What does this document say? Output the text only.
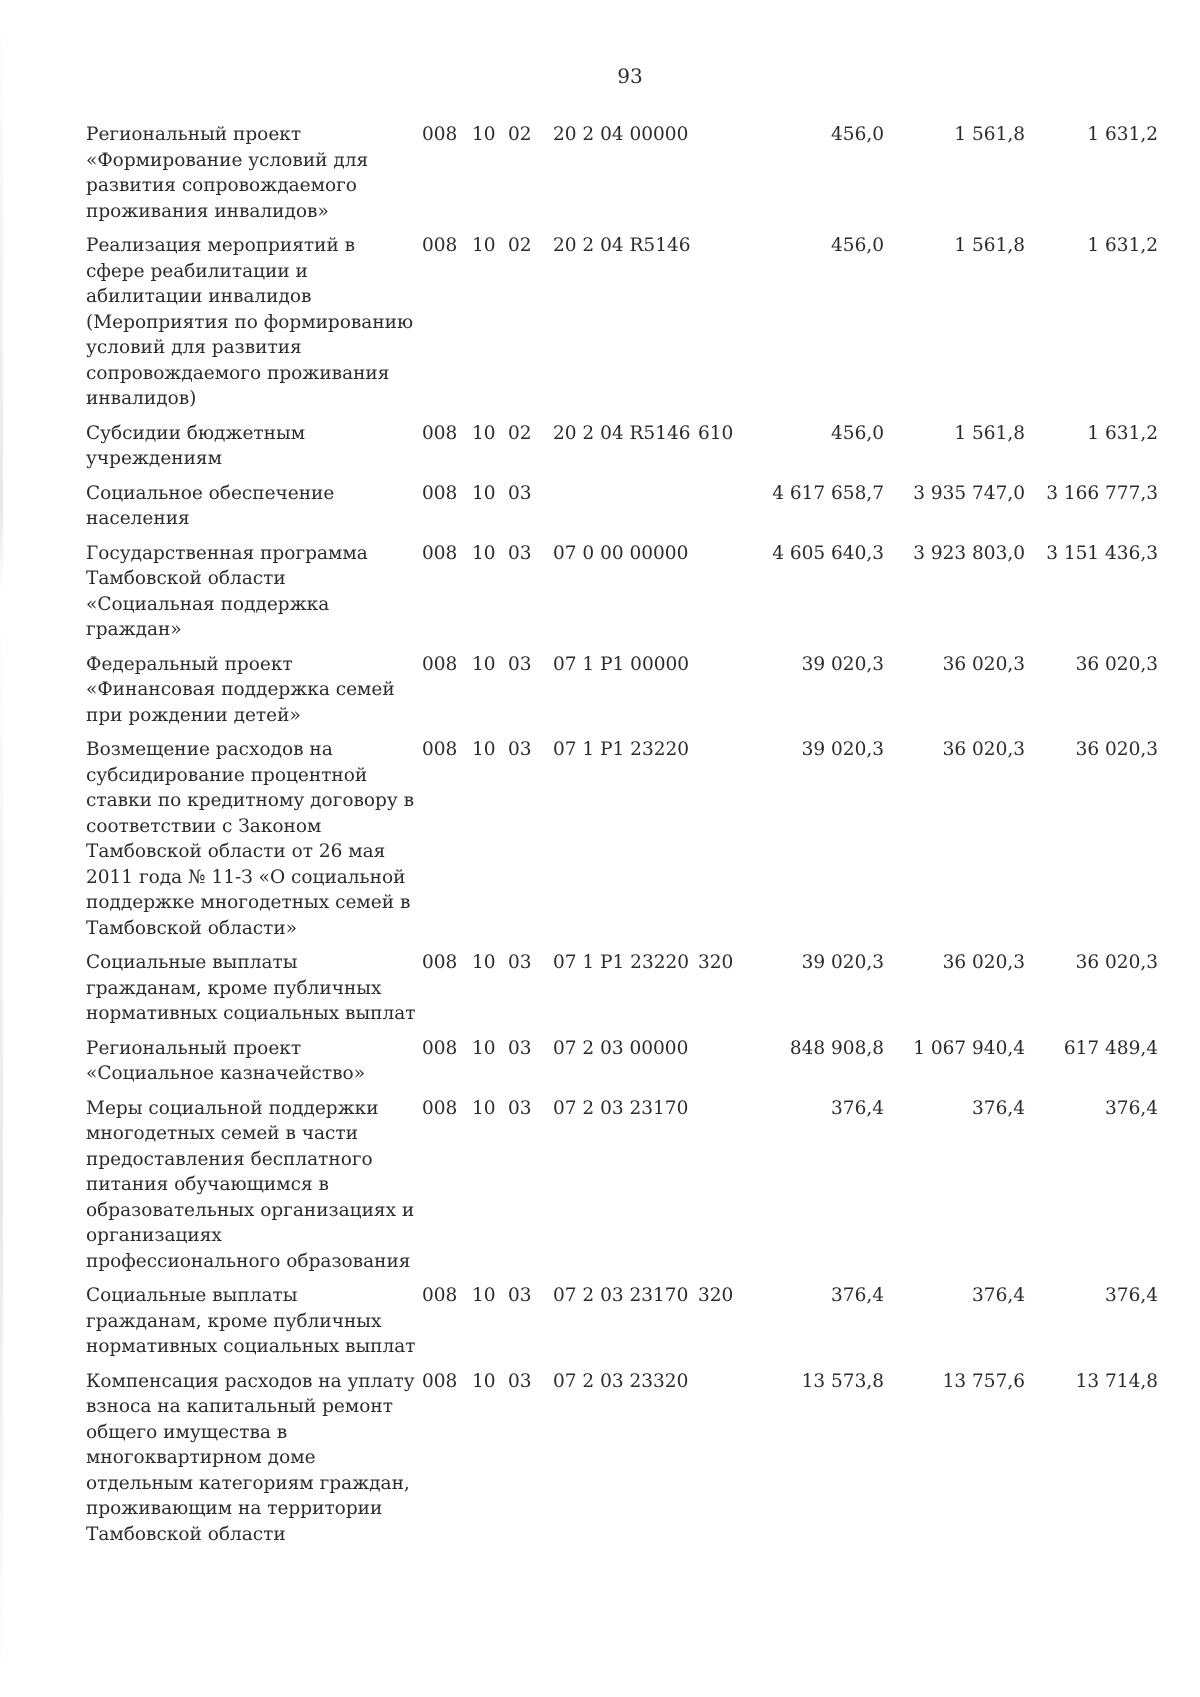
93
Региональный проект «Формирование условий для развития сопровождаемого проживания инвалидов»	008	10	02	20 2 04 00000		456,0	1 561,8	1 631,2
Реализация мероприятий в сфере реабилитации и абилитации инвалидов (Мероприятия по формированию условий для развития сопровождаемого проживания инвалидов)	008	10	02	20 2 04 R5146		456,0	1 561,8	1 631,2
Субсидии бюджетным учреждениям	008	10	02	20 2 04 R5146	610	456,0	1 561,8	1 631,2
Социальное обеспечение населения	008	10	03			4 617 658,7	3 935 747,0	3 166 777,3
Государственная программа Тамбовской области «Социальная поддержка граждан»	008	10	03	07 0 00 00000		4 605 640,3	3 923 803,0	3 151 436,3
Федеральный проект «Финансовая поддержка семей при рождении детей»	008	10	03	07 1 P1 00000		39 020,3	36 020,3	36 020,3
Возмещение расходов на субсидирование процентной ставки по кредитному договору в соответствии с Законом Тамбовской области от 26 мая 2011 года № 11-З «О социальной поддержке многодетных семей в Тамбовской области»	008	10	03	07 1 P1 23220		39 020,3	36 020,3	36 020,3
Социальные выплаты гражданам, кроме публичных нормативных социальных выплат	008	10	03	07 1 P1 23220	320	39 020,3	36 020,3	36 020,3
Региональный проект «Социальное казначейство»	008	10	03	07 2 03 00000		848 908,8	1 067 940,4	617 489,4
Меры социальной поддержки многодетных семей в части предоставления бесплатного питания обучающимся в образовательных организациях и организациях профессионального образования	008	10	03	07 2 03 23170		376,4	376,4	376,4
Социальные выплаты гражданам, кроме публичных нормативных социальных выплат	008	10	03	07 2 03 23170	320	376,4	376,4	376,4
Компенсация расходов на уплату взноса на капитальный ремонт общего имущества в многоквартирном доме отдельным категориям граждан, проживающим на территории Тамбовской области	008	10	03	07 2 03 23320		13 573,8	13 757,6	13 714,8
